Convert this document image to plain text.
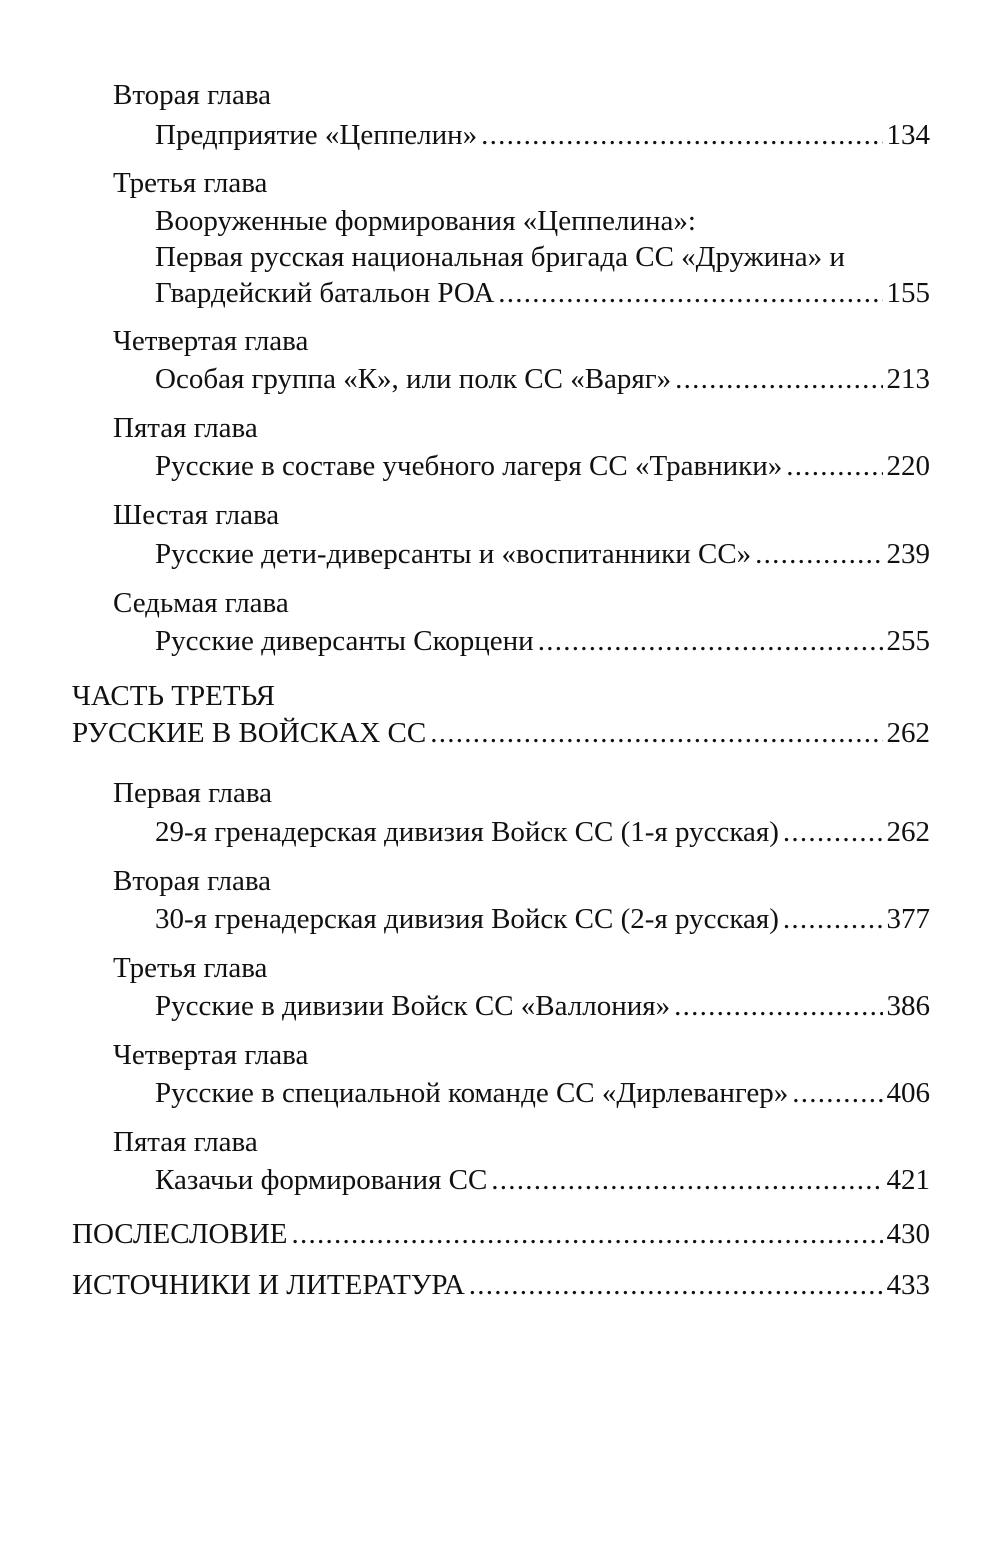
Вторая глава
Предприятие «Цеппелин» . . .	134
Третья глава
Вооруженные формирования «Цеппелина»:
Первая русская национальная бригада СС «Дружина» и
Гвардейский батальон РОА . . .	155
Четвертая глава
Особая группа «К», или полк СС «Варяг» . . .	213
Пятая глава
Русские в составе учебного лагеря СС «Травники» . . .	220
Шестая глава
Русские дети-диверсанты и «воспитанники СС» . . .	239
Седьмая глава
Русские диверсанты Скорцени . . .	255
ЧАСТЬ ТРЕТЬЯ
РУССКИЕ В ВОЙСКАХ СС . . .	262
Первая глава
29-я гренадерская дивизия Войск СС (1-я русская) . . .	262
Вторая глава
30-я гренадерская дивизия Войск СС (2-я русская) . . .	377
Третья глава
Русские в дивизии Войск СС «Валлония» . . .	386
Четвертая глава
Русские в специальной команде СС «Дирлевангер» . . .	406
Пятая глава
Казачьи формирования СС . . .	421
ПОСЛЕСЛОВИЕ . . .	430
ИСТОЧНИКИ И ЛИТЕРАТУРА . . .	433
